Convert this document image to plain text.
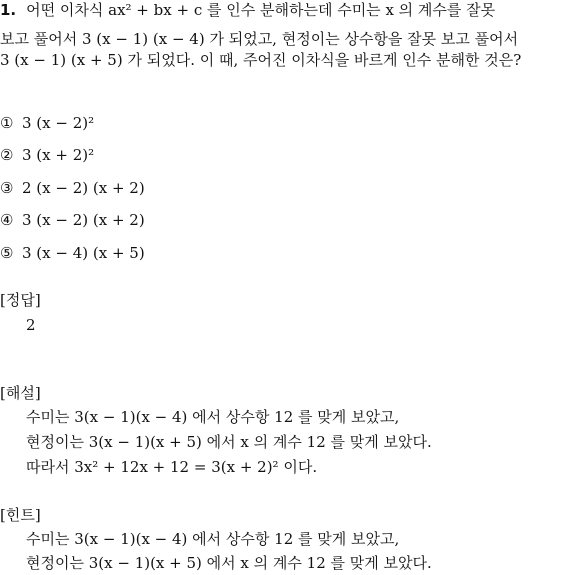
1. 어떤 이차식 ax² + bx + c 를 인수 분해하는데 수미는 x 의 계수를 잘못
보고 풀어서 3 (x − 1) (x − 4) 가 되었고, 현정이는 상수항을 잘못 보고 풀어서
3 (x − 1) (x + 5) 가 되었다. 이 때, 주어진 이차식을 바르게 인수 분해한 것은?
① 3 (x − 2)²
② 3 (x + 2)²
③ 2 (x − 2) (x + 2)
④ 3 (x − 2) (x + 2)
⑤ 3 (x − 4) (x + 5)
[정답]
2
[해설]
수미는 3(x − 1)(x − 4) 에서 상수항 12 를 맞게 보았고,
현정이는 3(x − 1)(x + 5) 에서 x 의 계수 12 를 맞게 보았다.
따라서 3x² + 12x + 12 = 3(x + 2)² 이다.
[힌트]
수미는 3(x − 1)(x − 4) 에서 상수항 12 를 맞게 보았고,
현정이는 3(x − 1)(x + 5) 에서 x 의 계수 12 를 맞게 보았다.
